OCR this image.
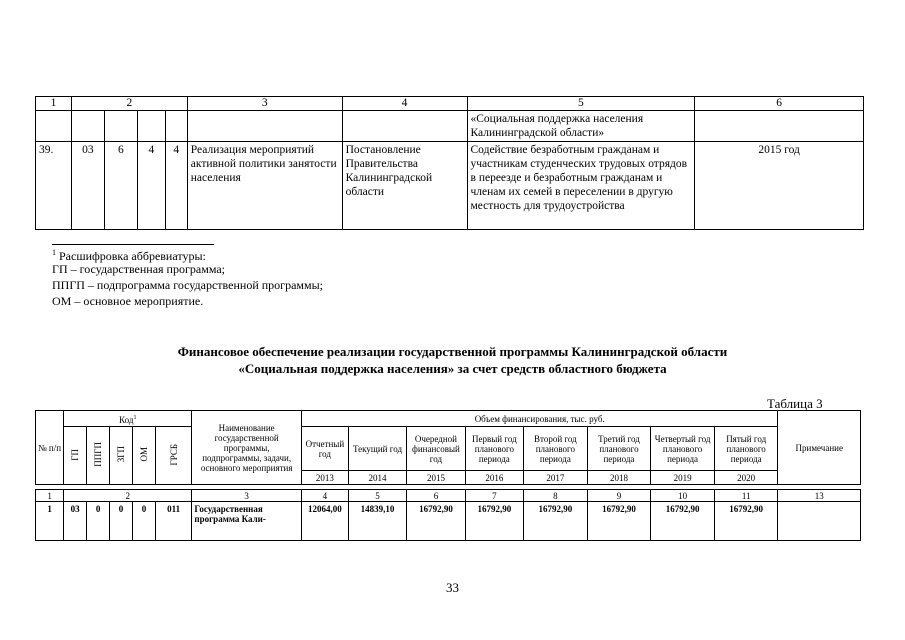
1	2				3	4	5	6
							«Социальная поддержка населения Калининградской области»	
39.	03	6	4	4	Реализация мероприятий активной политики занятости населения	Постановление Правительства Калининградской области	Содействие безработным гражданам и участникам студенческих трудовых отрядов в переезде и безработным гражданам и членам их семей в переселении в другую местность для трудоустройства	2015 год
$^1$ Расшифровка аббревиатуры:
ГП – государственная программа;
ППГП – подпрограмма государственной программы;
ОМ – основное мероприятие.
Финансовое обеспечение реализации государственной программы Калининградской области
«Социальная поддержка населения» за счет средств областного бюджета
Таблица 3
№ п/п	Код$^1$					Наименование государственной программы, подпрограммы, задачи, основного мероприятия	Объем финансирования, тыс. руб.								Примечание
	ГП	ППГП	ЗГП	ОМ	ГРСБ		Отчетный год	Текущий год	Очередной финансовый год	Первый год планового периода	Второй год планового периода	Третий год планового периода	Четвертый год планового периода	Пятый год планового периода	
							2013	2014	2015	2016	2017	2018	2019	2020	

1	2					3	4	5	6	7	8	9	10	11	13
1	03	0	0	0	011	Государственная программа Кали-	12064,00	14839,10	16792,90	16792,90	16792,90	16792,90	16792,90	16792,90	
33
